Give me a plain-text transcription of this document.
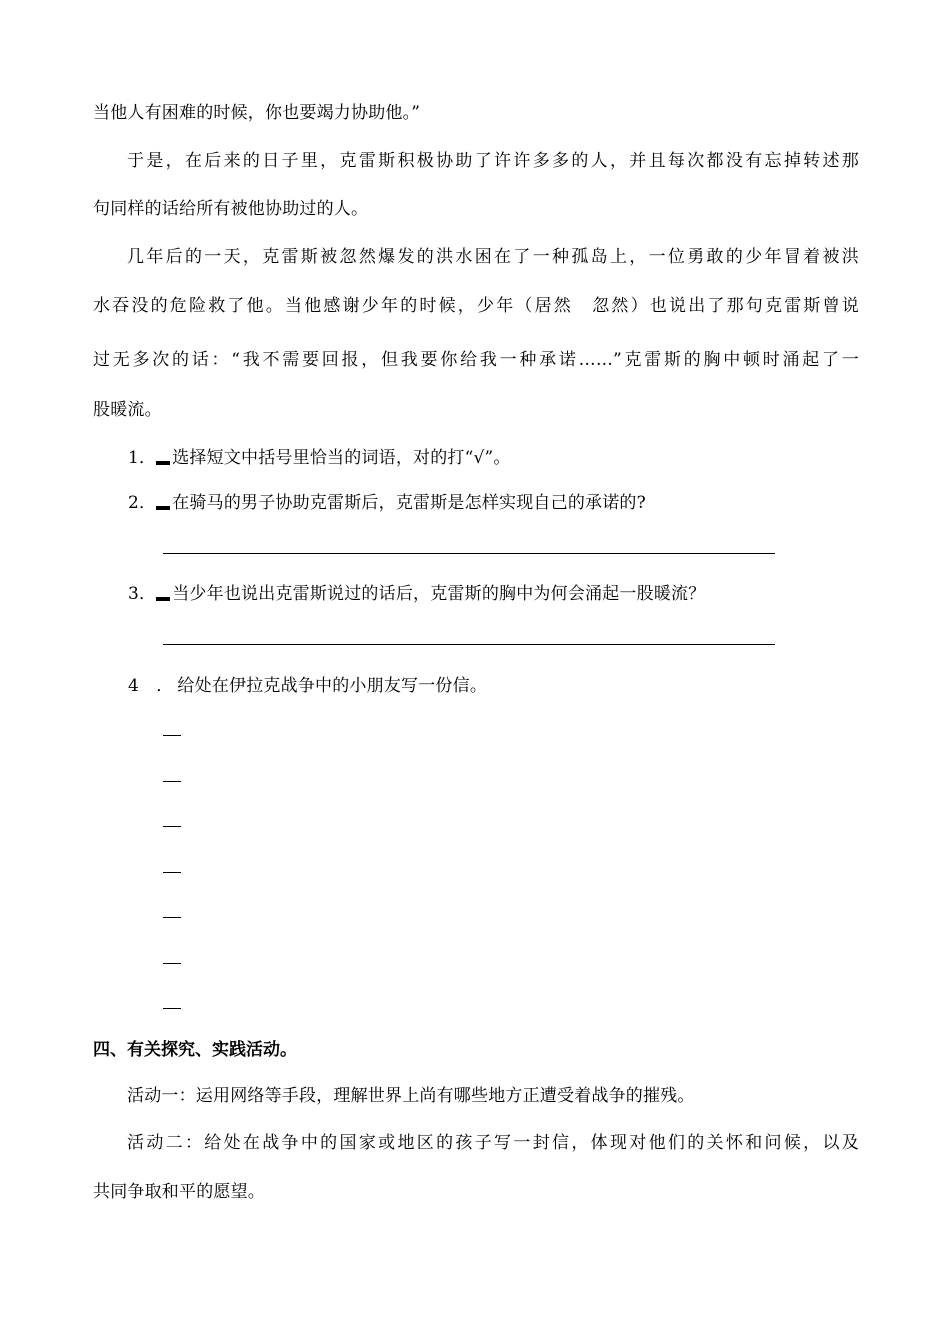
当他人有困难的时候，你也要竭力协助他。”
于是，在后来的日子里，克雷斯积极协助了许许多多的人，并且每次都没有忘掉转述那
句同样的话给所有被他协助过的人。
几年后的一天，克雷斯被忽然爆发的洪水困在了一种孤岛上，一位勇敢的少年冒着被洪
水吞没的危险救了他。当他感谢少年的时候，少年（居然　忽然）也说出了那句克雷斯曾说
过无多次的话：“我不需要回报，但我要你给我一种承诺……”克雷斯的胸中顿时涌起了一
股暖流。
1． 选择短文中括号里恰当的词语，对的打“√”。
2． 在骑马的男子协助克雷斯后，克雷斯是怎样实现自己的承诺的?
3． 当少年也说出克雷斯说过的话后，克雷斯的胸中为何会涌起一股暖流？
4　． 给处在伊拉克战争中的小朋友写一份信。
四、有关探究、实践活动。
活动一：运用网络等手段，理解世界上尚有哪些地方正遭受着战争的摧残。
活动二：给处在战争中的国家或地区的孩子写一封信，体现对他们的关怀和问候，以及
共同争取和平的愿望。
